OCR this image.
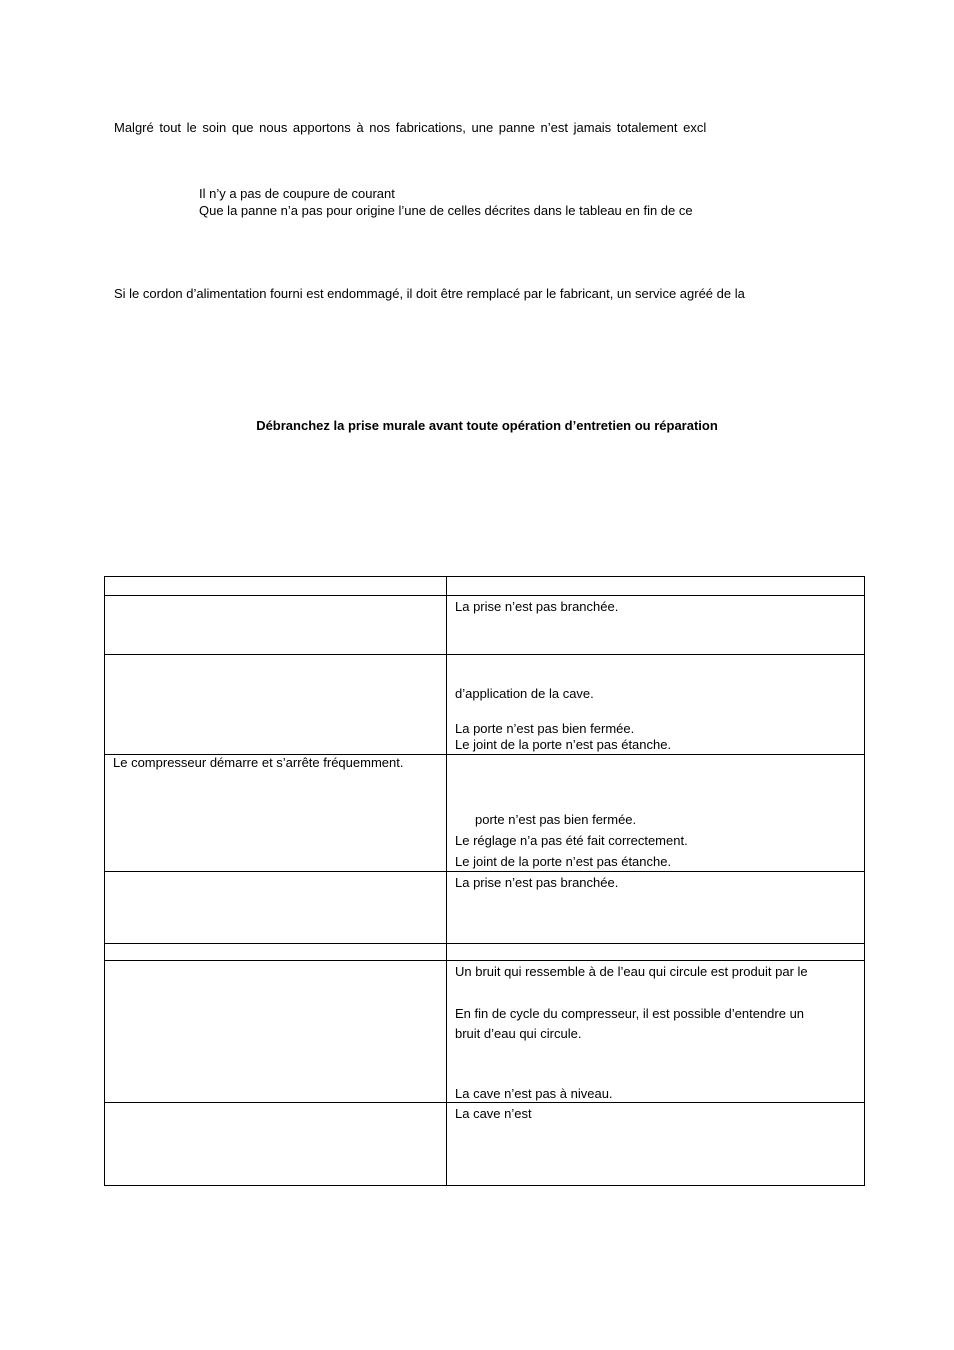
Malgré tout le soin que nous apportons à nos fabrications, une panne n’est jamais totalement excl
Il n’y a pas de coupure de courant
Que la panne n’a pas pour origine l’une de celles décrites dans le tableau en fin de ce
Si le cordon d’alimentation fourni est endommagé, il doit être remplacé par le fabricant, un service agréé de la
Débranchez la prise murale avant toute opération d’entretien ou réparation

	La prise n’est pas branchée.

	d’application de la cave.
La porte n’est pas bien fermée.
Le joint de la porte n’est pas étanche.

Le compresseur démarre et s’arrête fréquemment.	porte n’est pas bien fermée.
Le réglage n’a pas été fait correctement.
Le joint de la porte n’est pas étanche.

	La prise n’est pas branchée.

	Un bruit qui ressemble à de l’eau qui circule est produit par le
En fin de cycle du compresseur, il est possible d’entendre un
bruit d’eau qui circule.
La cave n’est pas à niveau.

	La cave n’est
